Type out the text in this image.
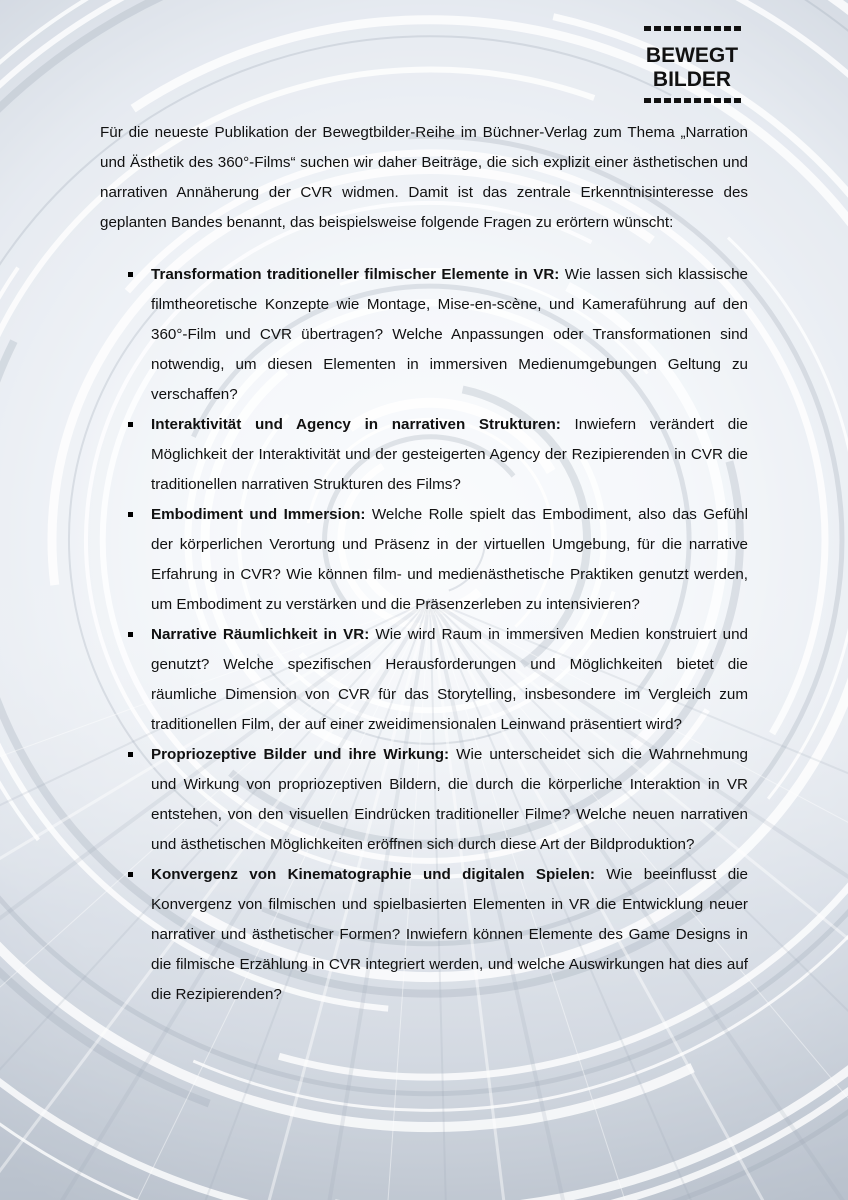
BEWEGT
BILDER

Für die neueste Publikation der Bewegtbilder-Reihe im Büchner-Verlag zum Thema „Narration und Ästhetik des 360°-Films“ suchen wir daher Beiträge, die sich explizit einer ästhetischen und narrativen Annäherung der CVR widmen. Damit ist das zentrale Erkenntnisinteresse des geplanten Bandes benannt, das beispielsweise folgende Fragen zu erörtern wünscht:

Transformation traditioneller filmischer Elemente in VR: Wie lassen sich klassische filmtheoretische Konzepte wie Montage, Mise-en-scène, und Kameraführung auf den 360°-Film und CVR übertragen? Welche Anpassungen oder Transformationen sind notwendig, um diesen Elementen in immersiven Medienumgebungen Geltung zu verschaffen?
Interaktivität und Agency in narrativen Strukturen: Inwiefern verändert die Möglichkeit der Interaktivität und der gesteigerten Agency der Rezipierenden in CVR die traditionellen narrativen Strukturen des Films?
Embodiment und Immersion: Welche Rolle spielt das Embodiment, also das Gefühl der körperlichen Verortung und Präsenz in der virtuellen Umgebung, für die narrative Erfahrung in CVR? Wie können film- und medienästhetische Praktiken genutzt werden, um Embodiment zu verstärken und die Präsenzerleben zu intensivieren?
Narrative Räumlichkeit in VR: Wie wird Raum in immersiven Medien konstruiert und genutzt? Welche spezifischen Herausforderungen und Möglichkeiten bietet die räumliche Dimension von CVR für das Storytelling, insbesondere im Vergleich zum traditionellen Film, der auf einer zweidimensionalen Leinwand präsentiert wird?
Propriozeptive Bilder und ihre Wirkung: Wie unterscheidet sich die Wahrnehmung und Wirkung von propriozeptiven Bildern, die durch die körperliche Interaktion in VR entstehen, von den visuellen Eindrücken traditioneller Filme? Welche neuen narrativen und ästhetischen Möglichkeiten eröffnen sich durch diese Art der Bildproduktion?
Konvergenz von Kinematographie und digitalen Spielen: Wie beeinflusst die Konvergenz von filmischen und spielbasierten Elementen in VR die Entwicklung neuer narrativer und ästhetischer Formen? Inwiefern können Elemente des Game Designs in die filmische Erzählung in CVR integriert werden, und welche Auswirkungen hat dies auf die Rezipierenden?
